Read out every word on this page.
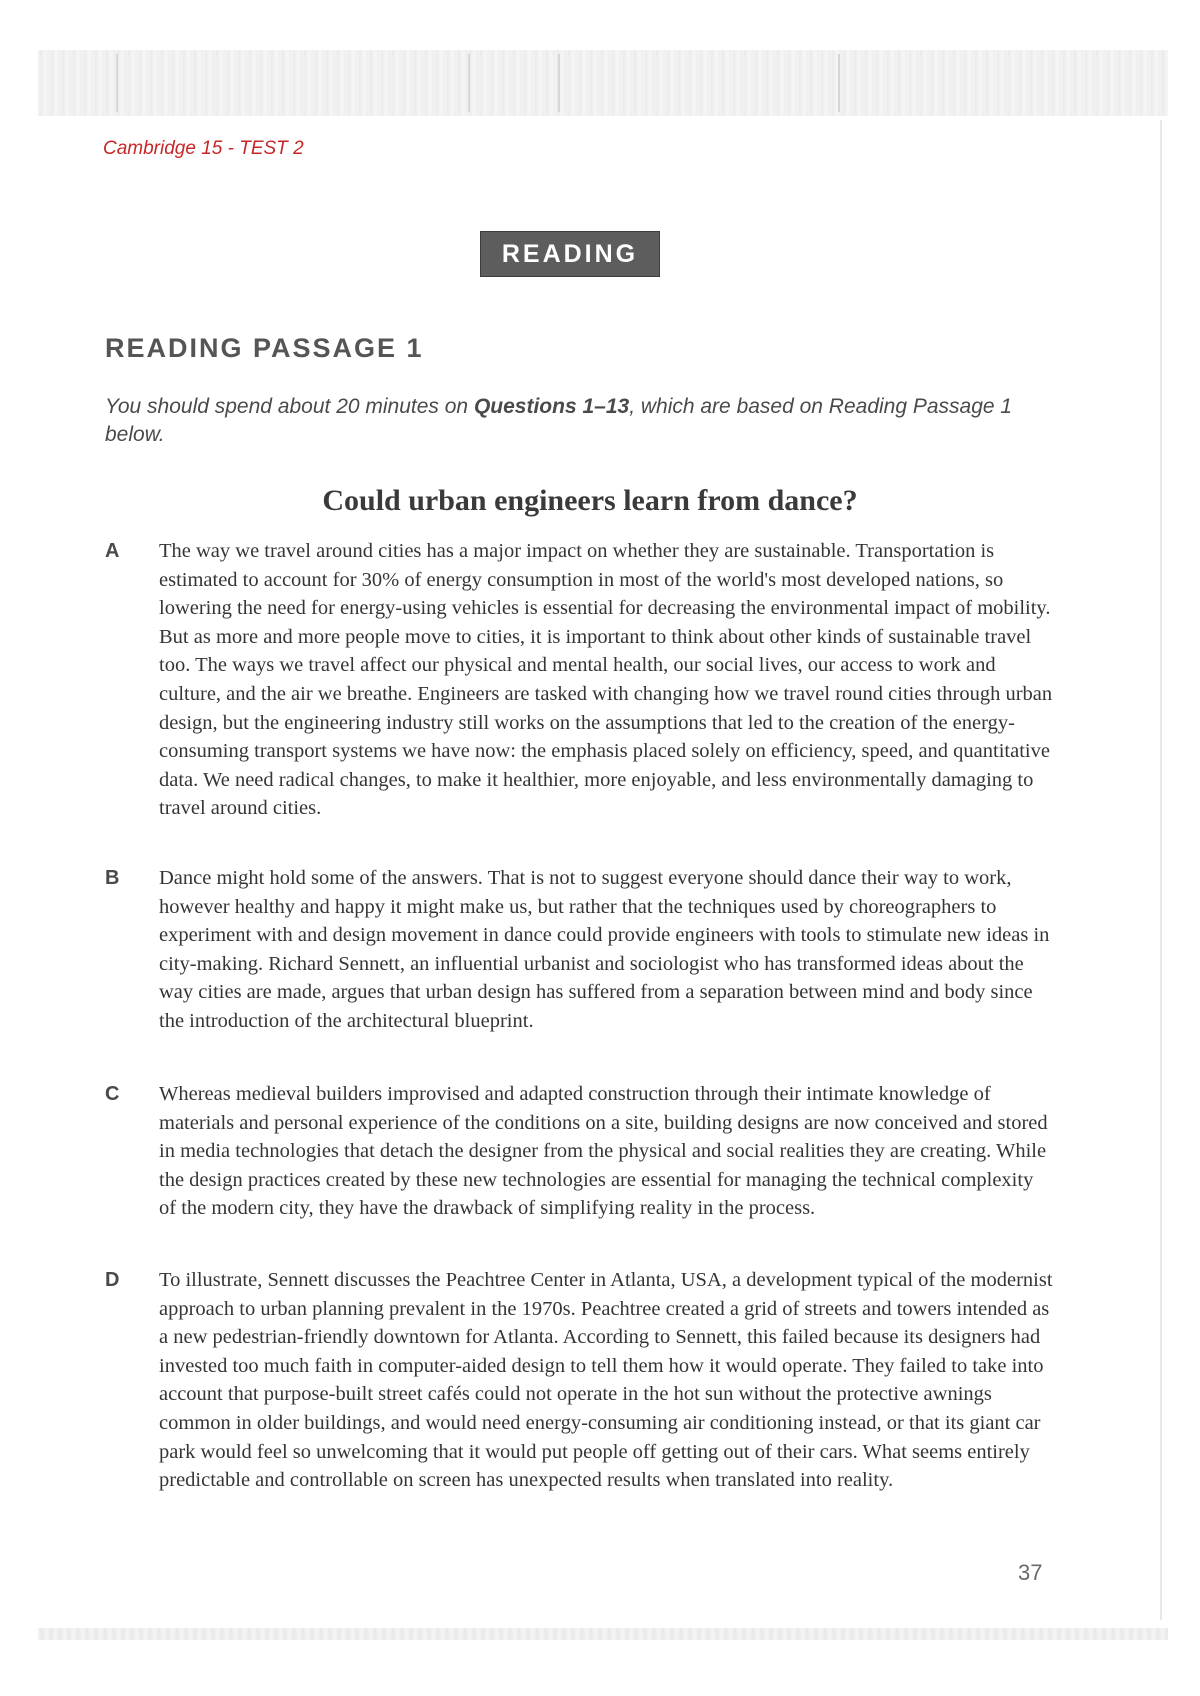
Cambridge 15 - TEST 2
READING
READING PASSAGE 1
You should spend about 20 minutes on Questions 1–13, which are based on Reading Passage 1 below.
Could urban engineers learn from dance?
A The way we travel around cities has a major impact on whether they are sustainable. Transportation is estimated to account for 30% of energy consumption in most of the world's most developed nations, so lowering the need for energy-using vehicles is essential for decreasing the environmental impact of mobility. But as more and more people move to cities, it is important to think about other kinds of sustainable travel too. The ways we travel affect our physical and mental health, our social lives, our access to work and culture, and the air we breathe. Engineers are tasked with changing how we travel round cities through urban design, but the engineering industry still works on the assumptions that led to the creation of the energy-consuming transport systems we have now: the emphasis placed solely on efficiency, speed, and quantitative data. We need radical changes, to make it healthier, more enjoyable, and less environmentally damaging to travel around cities.
B Dance might hold some of the answers. That is not to suggest everyone should dance their way to work, however healthy and happy it might make us, but rather that the techniques used by choreographers to experiment with and design movement in dance could provide engineers with tools to stimulate new ideas in city-making. Richard Sennett, an influential urbanist and sociologist who has transformed ideas about the way cities are made, argues that urban design has suffered from a separation between mind and body since the introduction of the architectural blueprint.
C Whereas medieval builders improvised and adapted construction through their intimate knowledge of materials and personal experience of the conditions on a site, building designs are now conceived and stored in media technologies that detach the designer from the physical and social realities they are creating. While the design practices created by these new technologies are essential for managing the technical complexity of the modern city, they have the drawback of simplifying reality in the process.
D To illustrate, Sennett discusses the Peachtree Center in Atlanta, USA, a development typical of the modernist approach to urban planning prevalent in the 1970s. Peachtree created a grid of streets and towers intended as a new pedestrian-friendly downtown for Atlanta. According to Sennett, this failed because its designers had invested too much faith in computer-aided design to tell them how it would operate. They failed to take into account that purpose-built street cafés could not operate in the hot sun without the protective awnings common in older buildings, and would need energy-consuming air conditioning instead, or that its giant car park would feel so unwelcoming that it would put people off getting out of their cars. What seems entirely predictable and controllable on screen has unexpected results when translated into reality.
37
